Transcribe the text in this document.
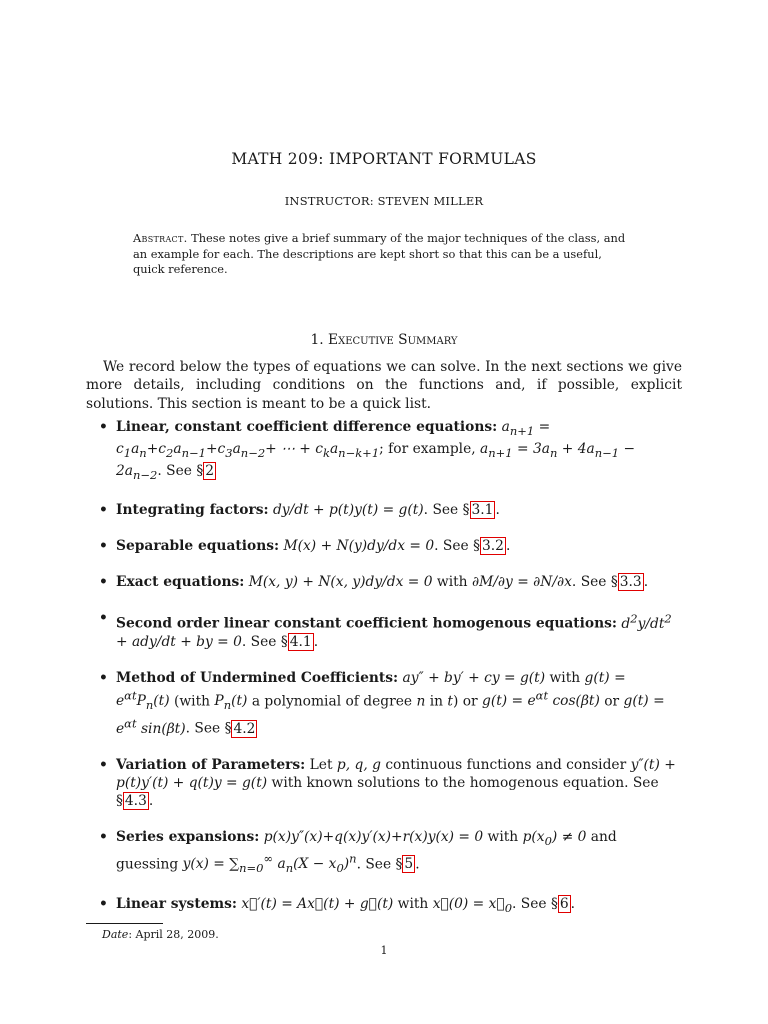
MATH 209: IMPORTANT FORMULAS
INSTRUCTOR: STEVEN MILLER
Abstract. These notes give a brief summary of the major techniques of the class, and an example for each. The descriptions are kept short so that this can be a useful, quick reference.
1. Executive Summary
We record below the types of equations we can solve. In the next sections we give more details, including conditions on the functions and, if possible, explicit solutions. This section is meant to be a quick list.
• Linear, constant coefficient difference equations: $a_{n+1} = c_1a_n+c_2a_{n-1}+c_3a_{n-2}+$ ⋯ + $c_ka_{n-k+1}$; for example, $a_{n+1} = 3a_n + 4a_{n-1} - 2a_{n-2}$. See § 2
• Integrating factors: dy/dt + p(t)y(t) = g(t). See § 3.1 .
• Separable equations: M(x) + N(y)dy/dx = 0. See § 3.2 .
• Exact equations: M(x, y) + N(x, y)dy/dx = 0 with ∂M/∂y = ∂N/∂x. See § 3.3 .
• Second order linear constant coefficient homogenous equations: $d^2y/dt^2 + ady/dt$ + by = 0. See § 4.1 .
• Method of Undermined Coefficients: ay″ + by′ + cy = g(t) with $g(t) = e^{\alpha t}P_n(t)$ (with $P_n(t)$ a polynomial of degree n in t) or $g(t) = e^{\alpha t}$ cos(βt) or $g(t) = e^{\alpha t}$ sin(βt). See § 4.2
• Variation of Parameters: Let p, q, g continuous functions and consider y″(t) + p(t)y′(t) + q(t)y = g(t) with known solutions to the homogenous equation. See § 4.3 .
• Series expansions: p(x)y″(x)+q(x)y′(x)+r(x)y(x) = 0 with $p(x_0) \ne 0$ and guessing $y(x) = \sum_{n=0}^\infty$ $a_n(X - x_0)^n$. See § 5 .
• Linear systems: x⃗′(t) = Ax⃗(t) + g⃗(t) with x⃗(0) = $x⃗_0$. See § 6 .
Date: April 28, 2009.
1
